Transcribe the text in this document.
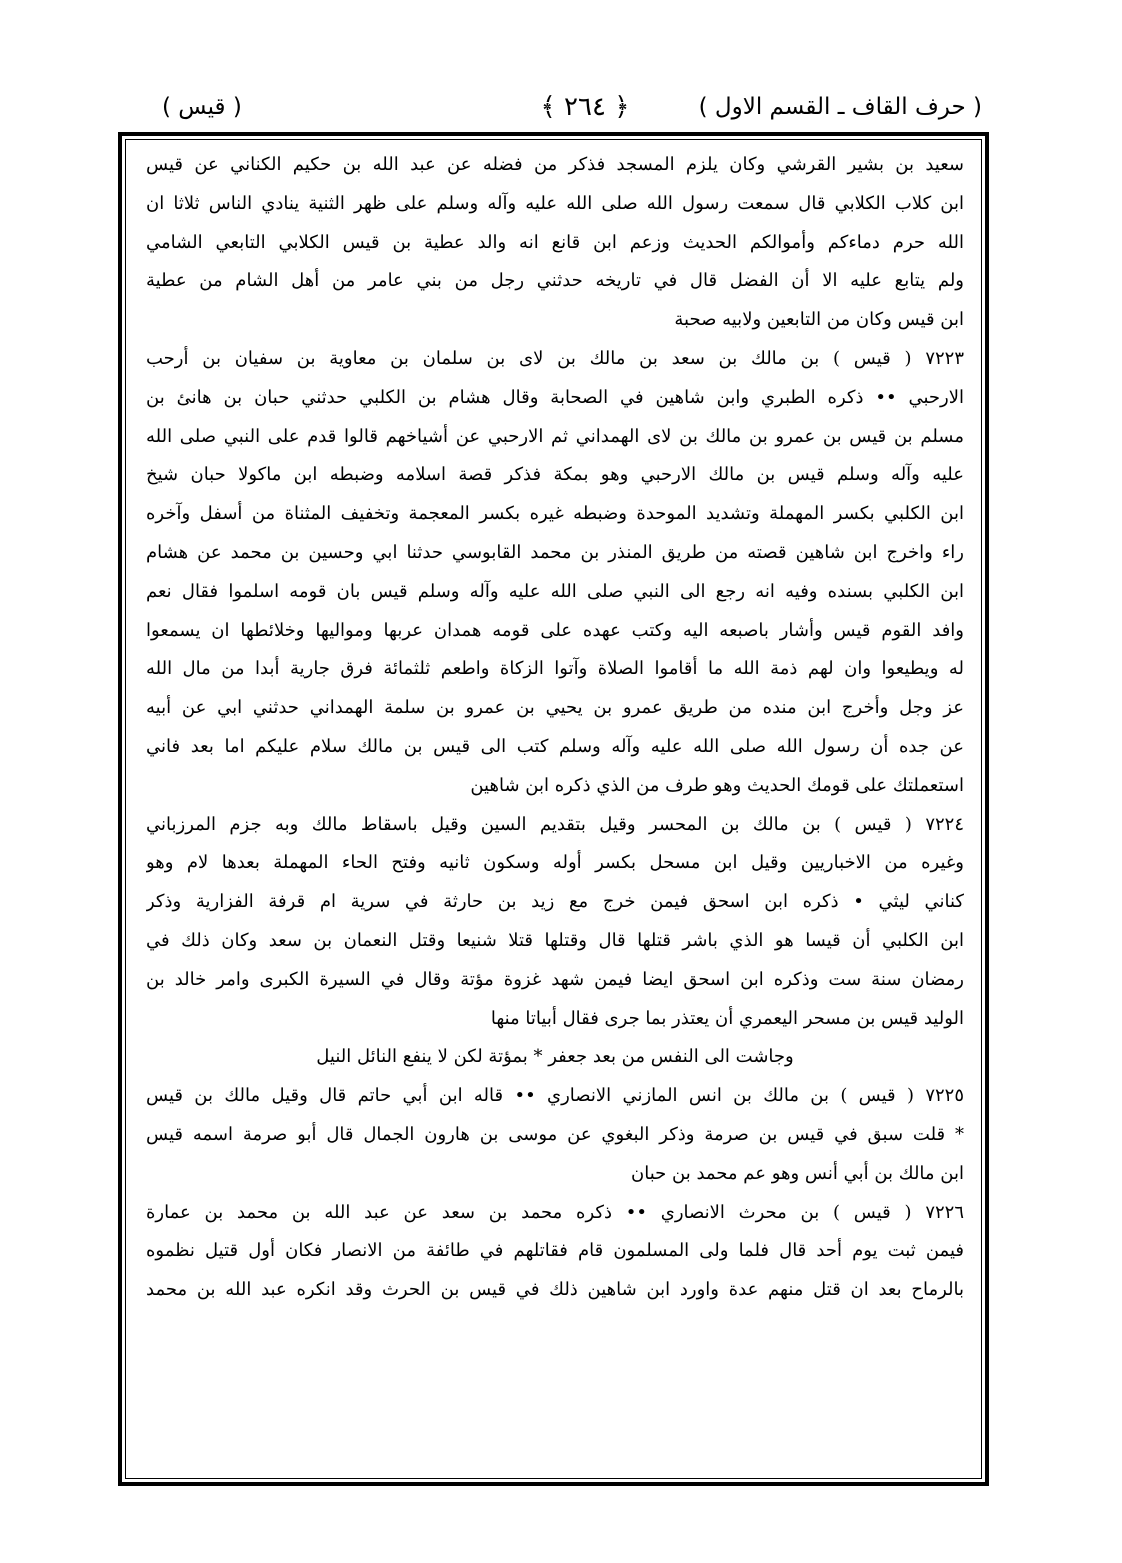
( حرف القاف ـ القسم الاول )
﴿ ٢٦٤ ﴾
( قيس )
سعيد بن بشير القرشي وكان يلزم المسجد فذكر من فضله عن عبد الله بن حكيم الكناني عن قيس
ابن كلاب الكلابي قال سمعت رسول الله صلى الله عليه وآله وسلم على ظهر الثنية ينادي الناس ثلاثا ان
الله حرم دماءكم وأموالكم الحديث وزعم ابن قانع انه والد عطية بن قيس الكلابي التابعي الشامي
ولم يتابع عليه الا أن الفضل قال في تاريخه حدثني رجل من بني عامر من أهل الشام من عطية
ابن قيس وكان من التابعين ولابيه صحبة
٧٢٢٣ ( قيس ) بن مالك بن سعد بن مالك بن لاى بن سلمان بن معاوية بن سفيان بن أرحب
الارحبي •• ذكره الطبري وابن شاهين في الصحابة وقال هشام بن الكلبي حدثني حبان بن هانئ بن
مسلم بن قيس بن عمرو بن مالك بن لاى الهمداني ثم الارحبي عن أشياخهم قالوا قدم على النبي صلى الله
عليه وآله وسلم قيس بن مالك الارحبي وهو بمكة فذكر قصة اسلامه وضبطه ابن ماكولا حبان شيخ
ابن الكلبي بكسر المهملة وتشديد الموحدة وضبطه غيره بكسر المعجمة وتخفيف المثناة من أسفل وآخره
راء واخرج ابن شاهين قصته من طريق المنذر بن محمد القابوسي حدثنا ابي وحسين بن محمد عن هشام
ابن الكلبي بسنده وفيه انه رجع الى النبي صلى الله عليه وآله وسلم قيس بان قومه اسلموا فقال نعم
وافد القوم قيس وأشار باصبعه اليه وكتب عهده على قومه همدان عربها ومواليها وخلائطها ان يسمعوا
له ويطيعوا وان لهم ذمة الله ما أقاموا الصلاة وآتوا الزكاة واطعم ثلثمائة فرق جارية أبدا من مال الله
عز وجل وأخرج ابن منده من طريق عمرو بن يحيي بن عمرو بن سلمة الهمداني حدثني ابي عن أبيه
عن جده أن رسول الله صلى الله عليه وآله وسلم كتب الى قيس بن مالك سلام عليكم اما بعد فاني
استعملتك على قومك الحديث وهو طرف من الذي ذكره ابن شاهين
٧٢٢٤ ( قيس ) بن مالك بن المحسر وقيل بتقديم السين وقيل باسقاط مالك وبه جزم المرزباني
وغيره من الاخباريين وقيل ابن مسحل بكسر أوله وسكون ثانيه وفتح الحاء المهملة بعدها لام وهو
كناني ليثي • ذكره ابن اسحق فيمن خرج مع زيد بن حارثة في سرية ام قرفة الفزارية وذكر
ابن الكلبي أن قيسا هو الذي باشر قتلها قال وقتلها قتلا شنيعا وقتل النعمان بن سعد وكان ذلك في
رمضان سنة ست وذكره ابن اسحق ايضا فيمن شهد غزوة مؤتة وقال في السيرة الكبرى وامر خالد بن
الوليد قيس بن مسحر اليعمري أن يعتذر بما جرى فقال أبياتا منها
وجاشت الى النفس من بعد جعفر * بمؤتة لكن لا ينفع النائل النيل
٧٢٢٥ ( قيس ) بن مالك بن انس المازني الانصاري •• قاله ابن أبي حاتم قال وقيل مالك بن قيس
* قلت سبق في قيس بن صرمة وذكر البغوي عن موسى بن هارون الجمال قال أبو صرمة اسمه قيس
ابن مالك بن أبي أنس وهو عم محمد بن حبان
٧٢٢٦ ( قيس ) بن محرث الانصاري •• ذكره محمد بن سعد عن عبد الله بن محمد بن عمارة
فيمن ثبت يوم أحد قال فلما ولى المسلمون قام فقاتلهم في طائفة من الانصار فكان أول قتيل نظموه
بالرماح بعد ان قتل منهم عدة واورد ابن شاهين ذلك في قيس بن الحرث وقد انكره عبد الله بن محمد
